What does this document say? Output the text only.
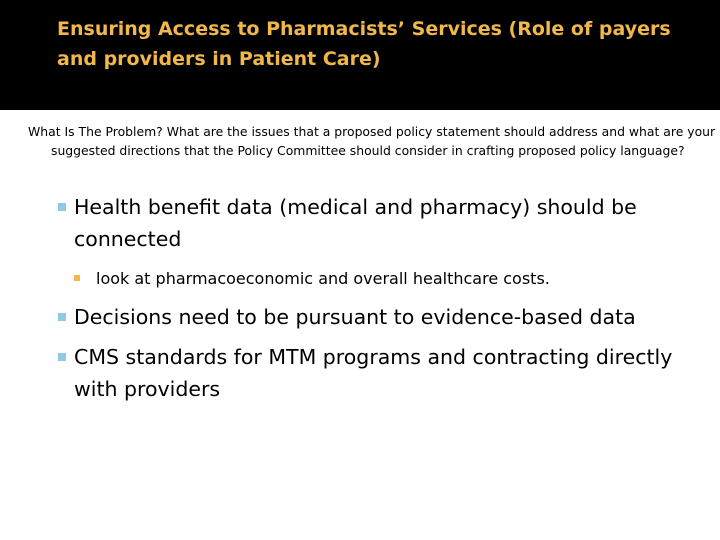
Ensuring Access to Pharmacists’ Services (Role of payers and providers in Patient Care)

What Is The Problem? What are the issues that a proposed policy statement should address and what are your suggested directions that the Policy Committee should consider in crafting proposed policy language?

Health benefit data (medical and pharmacy) should be connected
look at pharmacoeconomic and overall healthcare costs.
Decisions need to be pursuant to evidence-based data
CMS standards for MTM programs and contracting directly with providers
